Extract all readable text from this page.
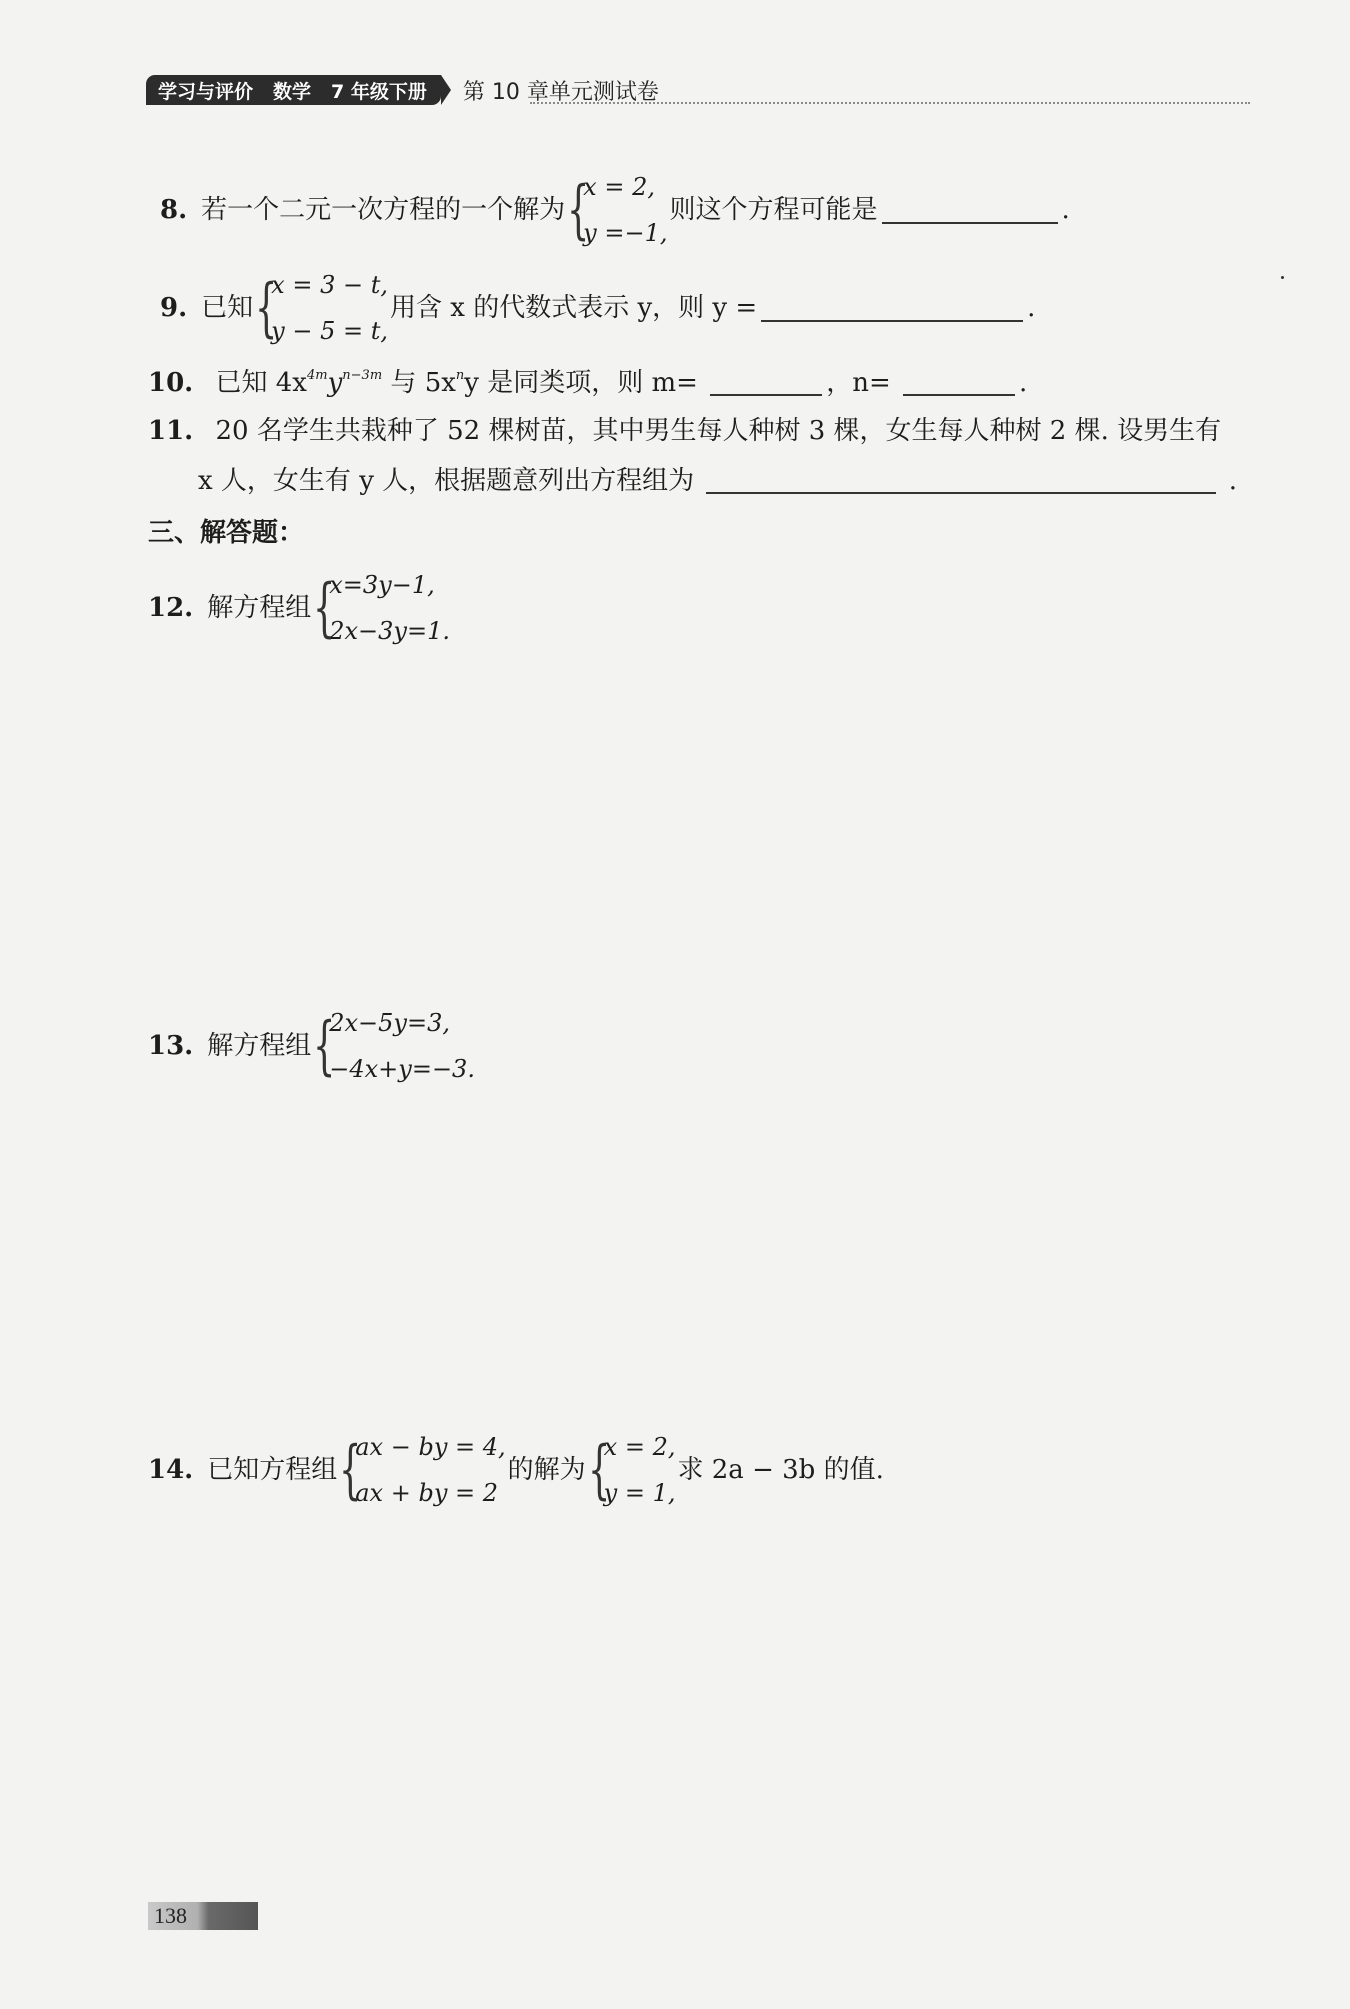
学习与评价 数学 7 年级下册 第 10 章单元测试卷
8. 若一个二元一次方程的一个解为 {
x = 2,
y =−1,
则这个方程可能是	.
9. 已知 {
x = 3 − t,
y − 5 = t,
用含 x 的代数式表示 y，则 y =	.
10. 已知 $4x^{4m}y^{n-3m}$ 与 $5x^ny$ 是同类项，则 m=	，n=	.
11. 20 名学生共栽种了 52 棵树苗，其中男生每人种树 3 棵，女生每人种树 2 棵. 设男生有
x 人，女生有 y 人，根据题意列出方程组为	.
三、解答题：
12. 解方程组 {
x=3y−1,
2x−3y=1.
13. 解方程组 {
2x−5y=3,
−4x+y=−3.
14. 已知方程组 {
ax − by = 4,
ax + by = 2
的解为 {
x = 2,
y = 1,
求 2a − 3b 的值.
138
